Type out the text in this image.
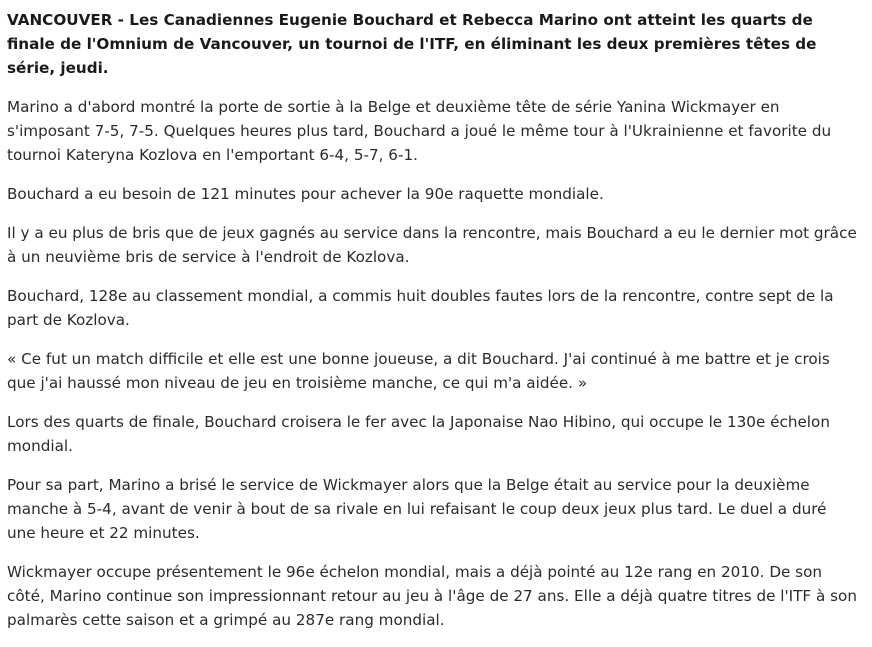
VANCOUVER - Les Canadiennes Eugenie Bouchard et Rebecca Marino ont atteint les quarts de finale de l'Omnium de Vancouver, un tournoi de l'ITF, en éliminant les deux premières têtes de série, jeudi.

Marino a d'abord montré la porte de sortie à la Belge et deuxième tête de série Yanina Wickmayer en s'imposant 7-5, 7-5. Quelques heures plus tard, Bouchard a joué le même tour à l'Ukrainienne et favorite du tournoi Kateryna Kozlova en l'emportant 6-4, 5-7, 6-1.

Bouchard a eu besoin de 121 minutes pour achever la 90e raquette mondiale.

Il y a eu plus de bris que de jeux gagnés au service dans la rencontre, mais Bouchard a eu le dernier mot grâce à un neuvième bris de service à l'endroit de Kozlova.

Bouchard, 128e au classement mondial, a commis huit doubles fautes lors de la rencontre, contre sept de la part de Kozlova.

« Ce fut un match difficile et elle est une bonne joueuse, a dit Bouchard. J'ai continué à me battre et je crois que j'ai haussé mon niveau de jeu en troisième manche, ce qui m'a aidée. »

Lors des quarts de finale, Bouchard croisera le fer avec la Japonaise Nao Hibino, qui occupe le 130e échelon mondial.

Pour sa part, Marino a brisé le service de Wickmayer alors que la Belge était au service pour la deuxième manche à 5-4, avant de venir à bout de sa rivale en lui refaisant le coup deux jeux plus tard. Le duel a duré une heure et 22 minutes.

Wickmayer occupe présentement le 96e échelon mondial, mais a déjà pointé au 12e rang en 2010. De son côté, Marino continue son impressionnant retour au jeu à l'âge de 27 ans. Elle a déjà quatre titres de l'ITF à son palmarès cette saison et a grimpé au 287e rang mondial.
